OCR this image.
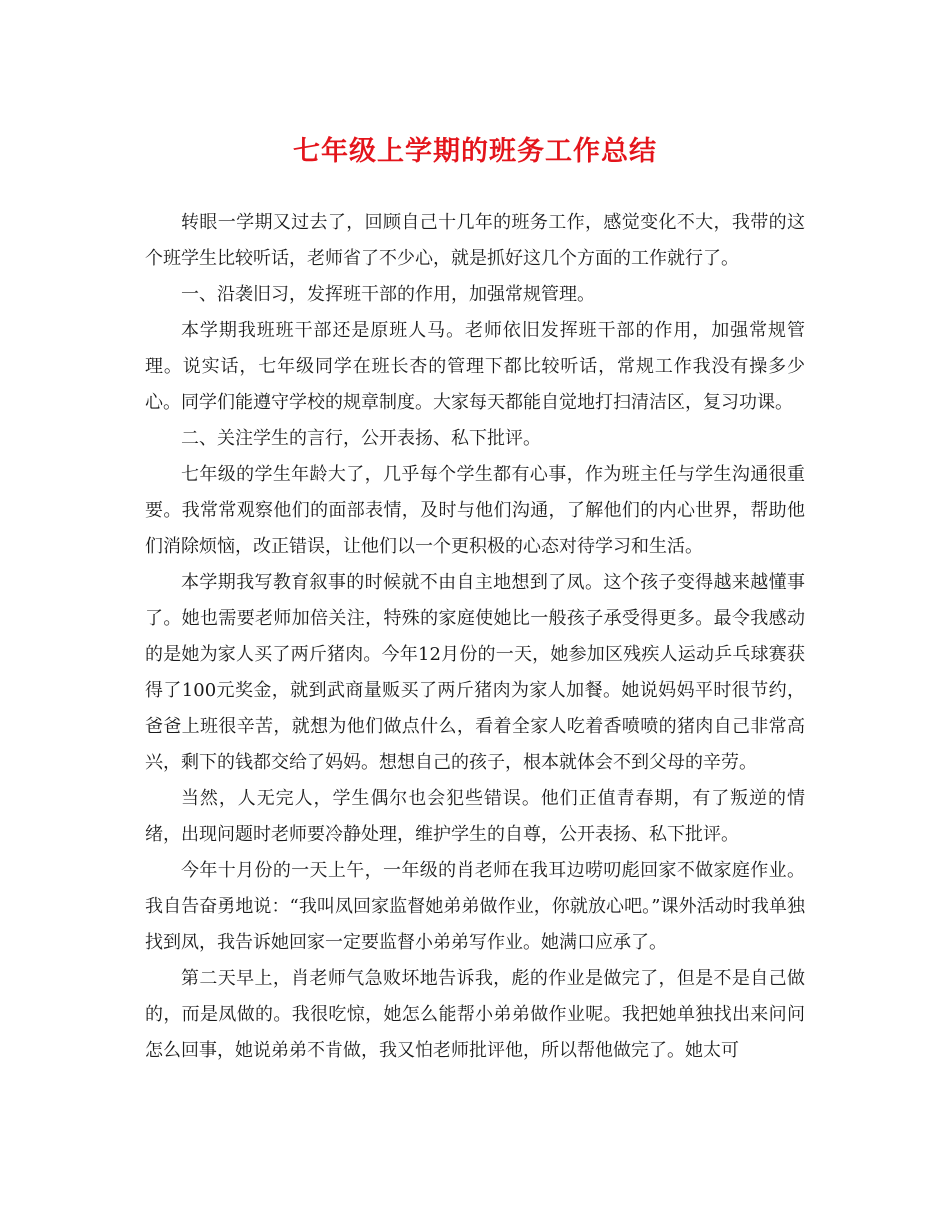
七年级上学期的班务工作总结

转眼一学期又过去了，回顾自己十几年的班务工作，感觉变化不大，我带的这个班学生比较听话，老师省了不少心，就是抓好这几个方面的工作就行了。

一、沿袭旧习，发挥班干部的作用，加强常规管理。

本学期我班班干部还是原班人马。老师依旧发挥班干部的作用，加强常规管理。说实话，七年级同学在班长杏的管理下都比较听话，常规工作我没有操多少心。同学们能遵守学校的规章制度。大家每天都能自觉地打扫清洁区，复习功课。

二、关注学生的言行，公开表扬、私下批评。

七年级的学生年龄大了，几乎每个学生都有心事，作为班主任与学生沟通很重要。我常常观察他们的面部表情，及时与他们沟通，了解他们的内心世界，帮助他们消除烦恼，改正错误，让他们以一个更积极的心态对待学习和生活。

本学期我写教育叙事的时候就不由自主地想到了凤。这个孩子变得越来越懂事了。她也需要老师加倍关注，特殊的家庭使她比一般孩子承受得更多。最令我感动的是她为家人买了两斤猪肉。今年12月份的一天，她参加区残疾人运动乒乓球赛获得了100元奖金，就到武商量贩买了两斤猪肉为家人加餐。她说妈妈平时很节约，爸爸上班很辛苦，就想为他们做点什么，看着全家人吃着香喷喷的猪肉自己非常高兴，剩下的钱都交给了妈妈。想想自己的孩子，根本就体会不到父母的辛劳。

当然，人无完人，学生偶尔也会犯些错误。他们正值青春期，有了叛逆的情绪，出现问题时老师要冷静处理，维护学生的自尊，公开表扬、私下批评。

今年十月份的一天上午，一年级的肖老师在我耳边唠叨彪回家不做家庭作业。我自告奋勇地说：“我叫凤回家监督她弟弟做作业，你就放心吧。”课外活动时我单独找到凤，我告诉她回家一定要监督小弟弟写作业。她满口应承了。

第二天早上，肖老师气急败坏地告诉我，彪的作业是做完了，但是不是自己做的，而是凤做的。我很吃惊，她怎么能帮小弟弟做作业呢。我把她单独找出来问问怎么回事，她说弟弟不肯做，我又怕老师批评他，所以帮他做完了。她太可
